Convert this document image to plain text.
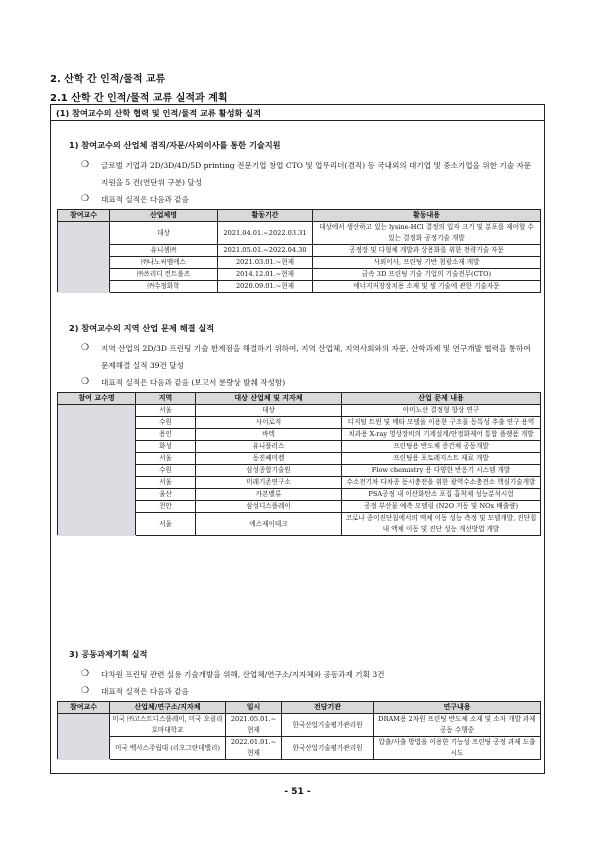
2. 산학 간 인적/물적 교류
2.1 산학 간 인적/물적 교류 실적과 계획
(1) 참여교수의 산학 협력 및 인적/물적 교류 활성화 실적
1) 참여교수의 산업체 겸직/자문/사외이사를 통한 기술지원
❍ 글로벌 기업과 2D/3D/4D/5D printing 전문기업 창업 CTO 및 업무리더(겸직) 등 국내외의 대기업 및 중소기업을 위한 기술 자문 지원을 5 건(연단위 구분) 달성
❍ 대표적 실적은 다음과 같음
참여교수	산업체명	활동기간	활동내용
	대상	2021.04.01.~2022.03.31	대상에서 생산하고 있는 lysine-HCl 결정의 입자 크기 및 분포를 제어할 수 있는 결정화 공정기술 개발
	유니셈㈜	2021.05.01.~2022.04.30	공정장 및 다형체 개발과 상용화를 위한 전략기술 자문
	㈜나노씨엠에스	2021.03.01.~현재	사외이사, 프린팅 기반 첨광소재 개발
	㈜쓰리디 컨트롤즈	2014.12.01.~현재	금속 3D 프린팅 기술 기업의 기술전무(CTO)
	㈜수정화학	2020.09.01.~현재	에너지저장장치용 소재 및 셀 기술에 관한 기술자문
2) 참여교수의 지역 산업 문제 해결 실적
❍ 지역 산업의 2D/3D 프린팅 기술 한계점을 해결하기 위하여, 지역 산업체, 지역사회와의 자문, 산학과제 및 연구개발 협력을 통하여 문제해결 실적 39건 달성
❍ 대표적 실적은 다음과 같음 (보고서 분량상 발췌 작성함)
참여 교수명	지역	대상 산업체 및 지자체	산업 문제 내용
	서울	대상	아미노산 결정형 향상 연구
	수원	사이로직	디지털 트윈 및 메타 모델을 이용한 구조물 동특성 추출 연구 용역
	용인	바텍	치과용 X-ray 영상장비의 기계설계/안정화제어 통합 플랫폼 개발
	화성	유니플러스	프린팅용 반도체 증간체 공동개발
	서울	동진쎄미켐	프린팅용 포토레지스트 재료 개발
	수원	삼성종합기술원	Flow chemistry 용 다양한 반응기 시스템 개발
	서울	미래기존연구소	수소전기차 다차종 동시충전을 위한 광역수소충전소 핵심기술개발
	울산	카본밸류	PSA공정 내 이산화탄소 포집 흡착제 성능분석시험
	천안	삼성디스플레이	공정 부산물 예측 모델링 (N2O 거동 및 NOx 배출량)
	서울	에스제이테크	코로나 종이진단칩에서의 액체 이동 성능 측정 및 모델개발, 진단칩 내 액체 이동 및 진단 성능 개선방법 개발
3) 공동과제기획 실적
❍ 다차원 프린팅 관련 실용 기술개발을 위해, 산업체/연구소/지자체와 공동과제 기획 3건
❍ 대표적 실적은 다음과 같음
참여교수	산업체/연구소/지자체	일시	전담기관	연구내용
	미국 ㈜고스트디스플레이, 미국 오클라호마대학교	2021.05.01.~ 현재	한국산업기술평가관리원	DRAM용 2차원 프린팅 반도체 소재 및 소자 개발 과제 공동 수행중
	미국 벡사스주립대 (리오그란데밸리)	2022.01.01.~ 현재	한국산업기술평가관리원	압출/사출 방법을 이용한 기능성 프린팅 공정 과제 도출 시도
- 51 -
